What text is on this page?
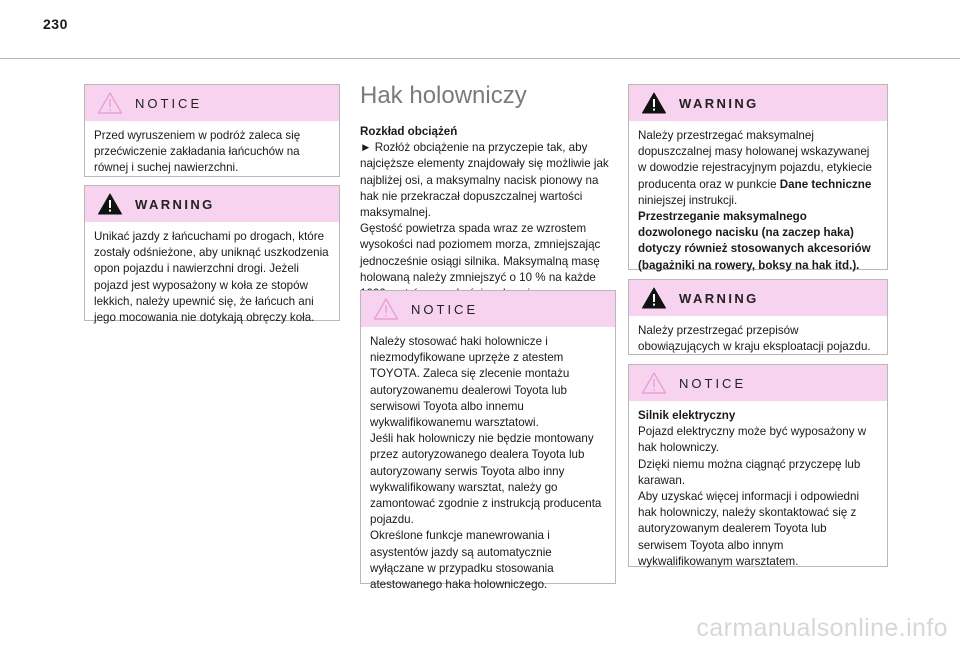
230
NOTICE

Przed wyruszeniem w podróż zaleca się przećwiczenie zakładania łańcuchów na równej i suchej nawierzchni.

WARNING

Unikać jazdy z łańcuchami po drogach, które zostały odśnieżone, aby uniknąć uszkodzenia opon pojazdu i nawierzchni drogi. Jeżeli pojazd jest wyposażony w koła ze stopów lekkich, należy upewnić się, że łańcuch ani jego mocowania nie dotykają obręczy koła.

Hak holowniczy

Rozkład obciążeń

► Rozłóż obciążenie na przyczepie tak, aby najcięższe elementy znajdowały się możliwie jak najbliżej osi, a maksymalny nacisk pionowy na hak nie przekraczał dopuszczalnej wartości maksymalnej.

Gęstość powietrza spada wraz ze wzrostem wysokości nad poziomem morza, zmniejszając jednocześnie osiągi silnika. Maksymalną masę holowaną należy zmniejszyć o 10 % na każde

NOTICE

Należy stosować haki holownicze i niezmodyfikowane uprzęże z atestem TOYOTA. Zaleca się zlecenie montażu autoryzowanemu dealerowi Toyota lub serwisowi Toyota albo innemu wykwalifikowanemu warsztatowi.

Jeśli hak holowniczy nie będzie montowany przez autoryzowanego dealera Toyota lub autoryzowany serwis Toyota albo inny wykwalifikowany warsztat, należy go zamontować zgodnie z instrukcją producenta pojazdu.

Określone funkcje manewrowania i asystentów jazdy są automatycznie wyłączane w przypadku stosowania atestowanego haka holowniczego.

WARNING

Należy przestrzegać maksymalnej dopuszczalnej masy holowanej wskazywanej w dowodzie rejestracyjnym pojazdu, etykiecie producenta oraz w punkcie Dane techniczne niniejszej instrukcji.

Przestrzeganie maksymalnego dozwolonego nacisku (na zaczep haka) dotyczy również stosowanych akcesoriów (bagażniki na rowery, boksy na hak itd.).

WARNING

Należy przestrzegać przepisów obowiązujących w kraju eksploatacji pojazdu.

NOTICE

Silnik elektryczny

Pojazd elektryczny może być wyposażony w hak holowniczy.

Dzięki niemu można ciągnąć przyczepę lub karawan.

Aby uzyskać więcej informacji i odpowiedni hak holowniczy, należy skontaktować się z autoryzowanym dealerem Toyota lub serwisem Toyota albo innym wykwalifikowanym warsztatem.

carmanualsonline.info
